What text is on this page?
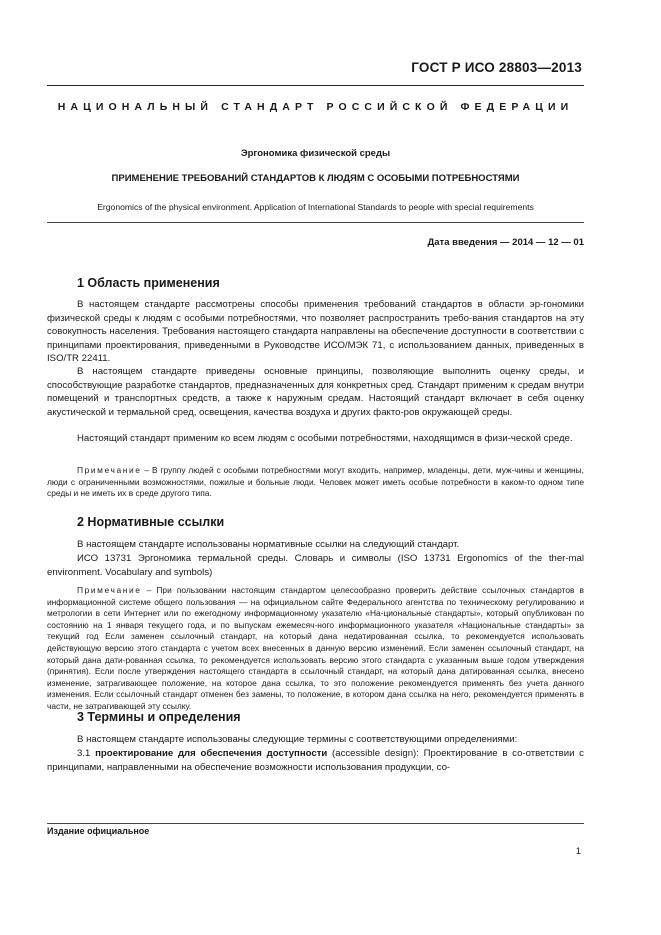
ГОСТ Р ИСО 28803—2013
НАЦИОНАЛЬНЫЙ СТАНДАРТ РОССИЙСКОЙ ФЕДЕРАЦИИ
Эргономика физической среды
ПРИМЕНЕНИЕ ТРЕБОВАНИЙ СТАНДАРТОВ К ЛЮДЯМ С ОСОБЫМИ ПОТРЕБНОСТЯМИ
Ergonomics of the physical environment. Application of International Standards to people with special requirements
Дата введения — 2014 — 12 — 01
1 Область применения

В настоящем стандарте рассмотрены способы применения требований стандартов в области эр-гономики физической среды к людям с особыми потребностями, что позволяет распространить требо-вания стандартов на эту совокупность населения. Требования настоящего стандарта направлены на обеспечение доступности в соответствии с принципами проектирования, приведенными в Руководстве ИСО/МЭК 71, с использованием данных, приведенных в ISO/TR 22411.

В настоящем стандарте приведены основные принципы, позволяющие выполнить оценку среды, и способствующие разработке стандартов, предназначенных для конкретных сред. Стандарт применим к средам внутри помещений и транспортных средств, а также к наружным средам. Настоящий стандарт включает в себя оценку акустической и термальной сред, освещения, качества воздуха и других факто-ров окружающей среды.

Настоящий стандарт применим ко всем людям с особыми потребностями, находящимся в физи-ческой среде.

Примечание – В группу людей с особыми потребностями могут входить, например, младенцы, дети, муж-чины и женщины, люди с ограниченными возможностями, пожилые и больные люди. Человек может иметь особые потребности в каком-то одном типе среды и не иметь их в среде другого типа.

2 Нормативные ссылки

В настоящем стандарте использованы нормативные ссылки на следующий стандарт.

ИСО 13731 Эргономика термальной среды. Словарь и символы (ISO 13731 Ergonomics of the ther-mal environment. Vocabulary and symbols)

Примечание – При пользовании настоящим стандартом целесообразно проверить действие ссылочных стандартов в информационной системе общего пользования — на официальном сайте Федерального агентства по техническому регулированию и метрологии в сети Интернет или по ежегодному информационному указателю «На-циональные стандарты», который опубликован по состоянию на 1 января текущего года, и по выпускам ежемесяч-ного информационного указателя «Национальные стандарты» за текущий год Если заменен ссылочный стандарт, на который дана недатированная ссылка, то рекомендуется использовать действующую версию этого стандарта с учетом всех внесенных в данную версию изменений. Если заменен ссылочный стандарт, на который дана дати-рованная ссылка, то рекомендуется использовать версию этого стандарта с указанным выше годом утверждения (принятия). Если после утверждения настоящего стандарта в ссылочный стандарт, на который дана датированная ссылка, внесено изменение, затрагивающее положение, на которое дана ссылка, то это положение рекомендуется применять без учета данного изменения. Если ссылочный стандарт отменен без замены, то положение, в котором дана ссылка на него, рекомендуется применять в части, не затрагивающей эту ссылку.

3 Термины и определения

В настоящем стандарте использованы следующие термины с соответствующими определениями:

3.1 проектирование для обеспечения доступности (accessible design): Проектирование в со-ответствии с принципами, направленными на обеспечение возможности использования продукции, со-

Издание официальное
1
